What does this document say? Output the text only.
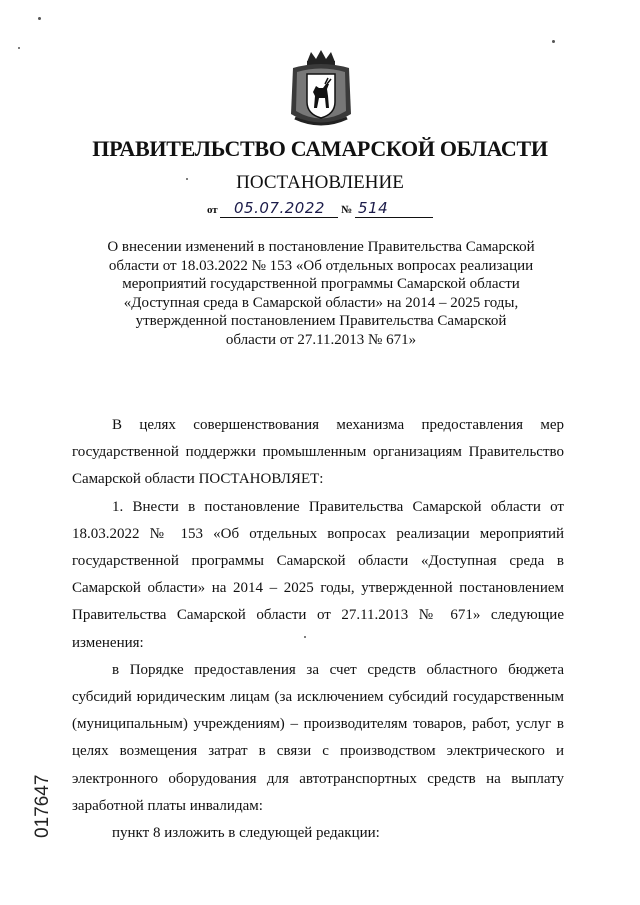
ПРАВИТЕЛЬСТВО САМАРСКОЙ ОБЛАСТИ
ПОСТАНОВЛЕНИЕ
от 05.07.2022 № 514
О внесении изменений в постановление Правительства Самарской
области от 18.03.2022 № 153 «Об отдельных вопросах реализации
мероприятий государственной программы Самарской области
«Доступная среда в Самарской области» на 2014 – 2025 годы,
утвержденной постановлением Правительства Самарской
области от 27.11.2013 № 671»

В целях совершенствования механизма предоставления мер государственной поддержки промышленным организациям Правительство Самарской области ПОСТАНОВЛЯЕТ:

1. Внести в постановление Правительства Самарской области от 18.03.2022 № 153 «Об отдельных вопросах реализации мероприятий государственной программы Самарской области «Доступная среда в Самарской области» на 2014 – 2025 годы, утвержденной постановлением Правительства Самарской области от 27.11.2013 № 671» следующие изменения:

в Порядке предоставления за счет средств областного бюджета субсидий юридическим лицам (за исключением субсидий государственным (муниципальным) учреждениям) – производителям товаров, работ, услуг в целях возмещения затрат в связи с производством электрического и электронного оборудования для автотранспортных средств на выплату заработной платы инвалидам:

пункт 8 изложить в следующей редакции:

017647
